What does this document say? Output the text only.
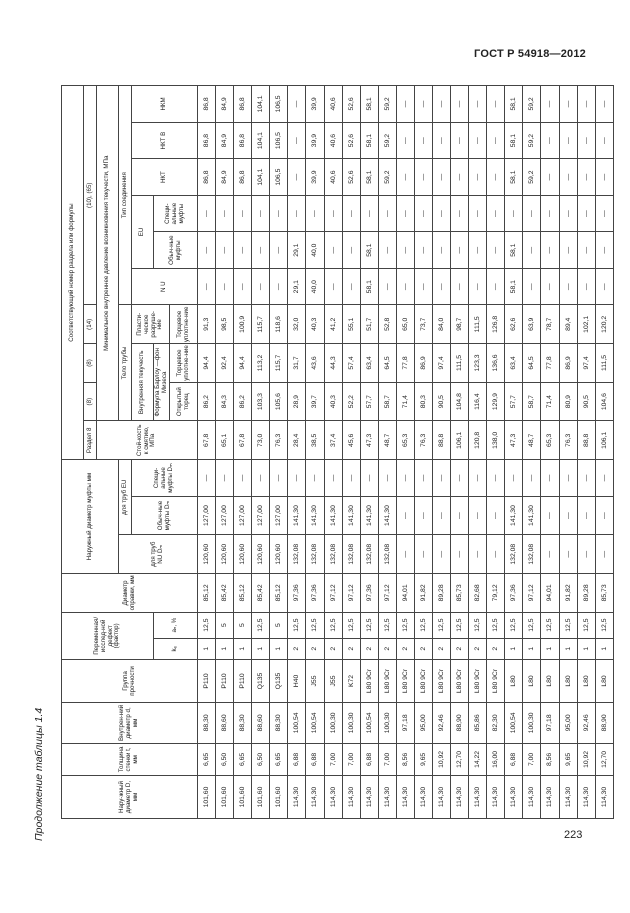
ГОСТ Р 54918—2012
Продолжение таблицы 1.4	223
Нару-жный диаметр D, мм	Толщина стенки t, мм	Внутрен-ний диаметр d, мм	Группа прочности	Переменная/ исслед-ной дефект (фактор)		Диаметр оправки, мм	Наружный диаметр муфты мм			Соответствующий номер раздела или формулы									
										Раздел 8	(8)	(8)	(14)	(10), (65)					
										Стой-кость к смятию, МПа	Минимальное внутреннее давление возникновения текучести, МПа								
							для труб NU Dₘ	для труб EU			Тело трубы			Тип соединения					
								Обыч-ные муфты Dₘ	Специ-альные муфты Dₘ		Внутренняя текучесть		Пласти-ческое разруше-ние	N U	EU		НКТ	НКТ В	НКМ
				kₑ	aₙ, %						Формула Барлоу —фон Мизеса				Обыч-ные муфты	Специ-альные муфты			
											Открытый торец	Торцевое уплотне-ние	Торцевое уплотне-ние						
101,60	6,65	88,30	P110	1	12,5	85,12	120,60	127,00	—	67,8	86,2	94,4	91,3	—	—	—	86,8	86,8	86,8
101,60	6,50	88,60	P110	1	5	85,42	120,60	127,00	—	65,1	84,3	92,4	98,5	—	—	—	84,9	84,9	84,9
101,60	6,65	88,30	P110	1	5	85,12	120,60	127,00	—	67,8	86,2	94,4	100,9	—	—	—	86,8	86,8	86,8
101,60	6,50	88,60	Q135	1	12,5	85,42	120,60	127,00	—	73,0	103,3	113,2	115,7	—	—	—	104,1	104,1	104,1
101,60	6,65	88,30	Q135	1	5	85,12	120,60	127,00	—	76,3	105,6	115,7	118,6	—	—	—	106,5	106,5	106,5
114,30	6,88	100,54	H40	2	12,5	97,36	132,08	141,30	—	28,4	28,9	31,7	32,0	29,1	29,1	—	—	—	—
114,30	6,88	100,54	J55	2	12,5	97,36	132,08	141,30	—	38,5	39,7	43,6	40,3	40,0	40,0	—	39,9	39,9	39,9
114,30	7,00	100,30	J55	2	12,5	97,12	132,08	141,30	—	37,4	40,3	44,3	41,2	—	—	—	40,6	40,6	40,6
114,30	7,00	100,30	K72	2	12,5	97,12	132,08	141,30	—	45,6	52,2	57,4	55,1	—	—	—	52,6	52,6	52,6
114,30	6,88	100,54	L80 9Cr	2	12,5	97,36	132,08	141,30	—	47,3	57,7	63,4	51,7	58,1	58,1	—	58,1	58,1	58,1
114,30	7,00	100,30	L80 9Cr	2	12,5	97,12	132,08	141,30	—	48,7	58,7	64,5	52,8	—	—	—	59,2	59,2	59,2
114,30	8,56	97,18	L80 9Cr	2	12,5	94,01	—	—	—	65,3	71,4	77,8	65,0	—	—	—	—	—	—
114,30	9,65	95,00	L80 9Cr	2	12,5	91,82	—	—	—	76,3	80,3	86,9	73,7	—	—	—	—	—	—
114,30	10,92	92,46	L80 9Cr	2	12,5	89,28	—	—	—	88,8	90,5	97,4	84,0	—	—	—	—	—	—
114,30	12,70	88,90	L80 9Cr	2	12,5	85,73	—	—	—	106,1	104,8	111,5	98,7	—	—	—	—	—	—
114,30	14,22	85,86	L80 9Cr	2	12,5	82,68	—	—	—	120,8	116,4	123,3	111,5	—	—	—	—	—	—
114,30	16,00	82,30	L80 9Cr	2	12,5	79,12	—	—	—	138,0	129,9	136,6	126,8	—	—	—	—	—	—
114,30	6,88	100,54	L80	1	12,5	97,36	132,08	141,30	—	47,3	57,7	63,4	62,6	58,1	58,1	—	58,1	58,1	58,1
114,30	7,00	100,30	L80	1	12,5	97,12	132,08	141,30	—	48,7	58,7	64,5	63,9	—	—	—	59,2	59,2	59,2
114,30	8,56	97,18	L80	1	12,5	94,01	—	—	—	65,3	71,4	77,8	78,7	—	—	—	—	—	—
114,30	9,65	95,00	L80	1	12,5	91,82	—	—	—	76,3	80,9	86,9	89,4	—	—	—	—	—	—
114,30	10,92	92,46	L80	1	12,5	89,28	—	—	—	88,8	90,5	97,4	102,1	—	—	—	—	—	—
114,30	12,70	88,90	L80	1	12,5	85,73	—	—	—	106,1	104,6	111,5	120,2	—	—	—	—	—	—
